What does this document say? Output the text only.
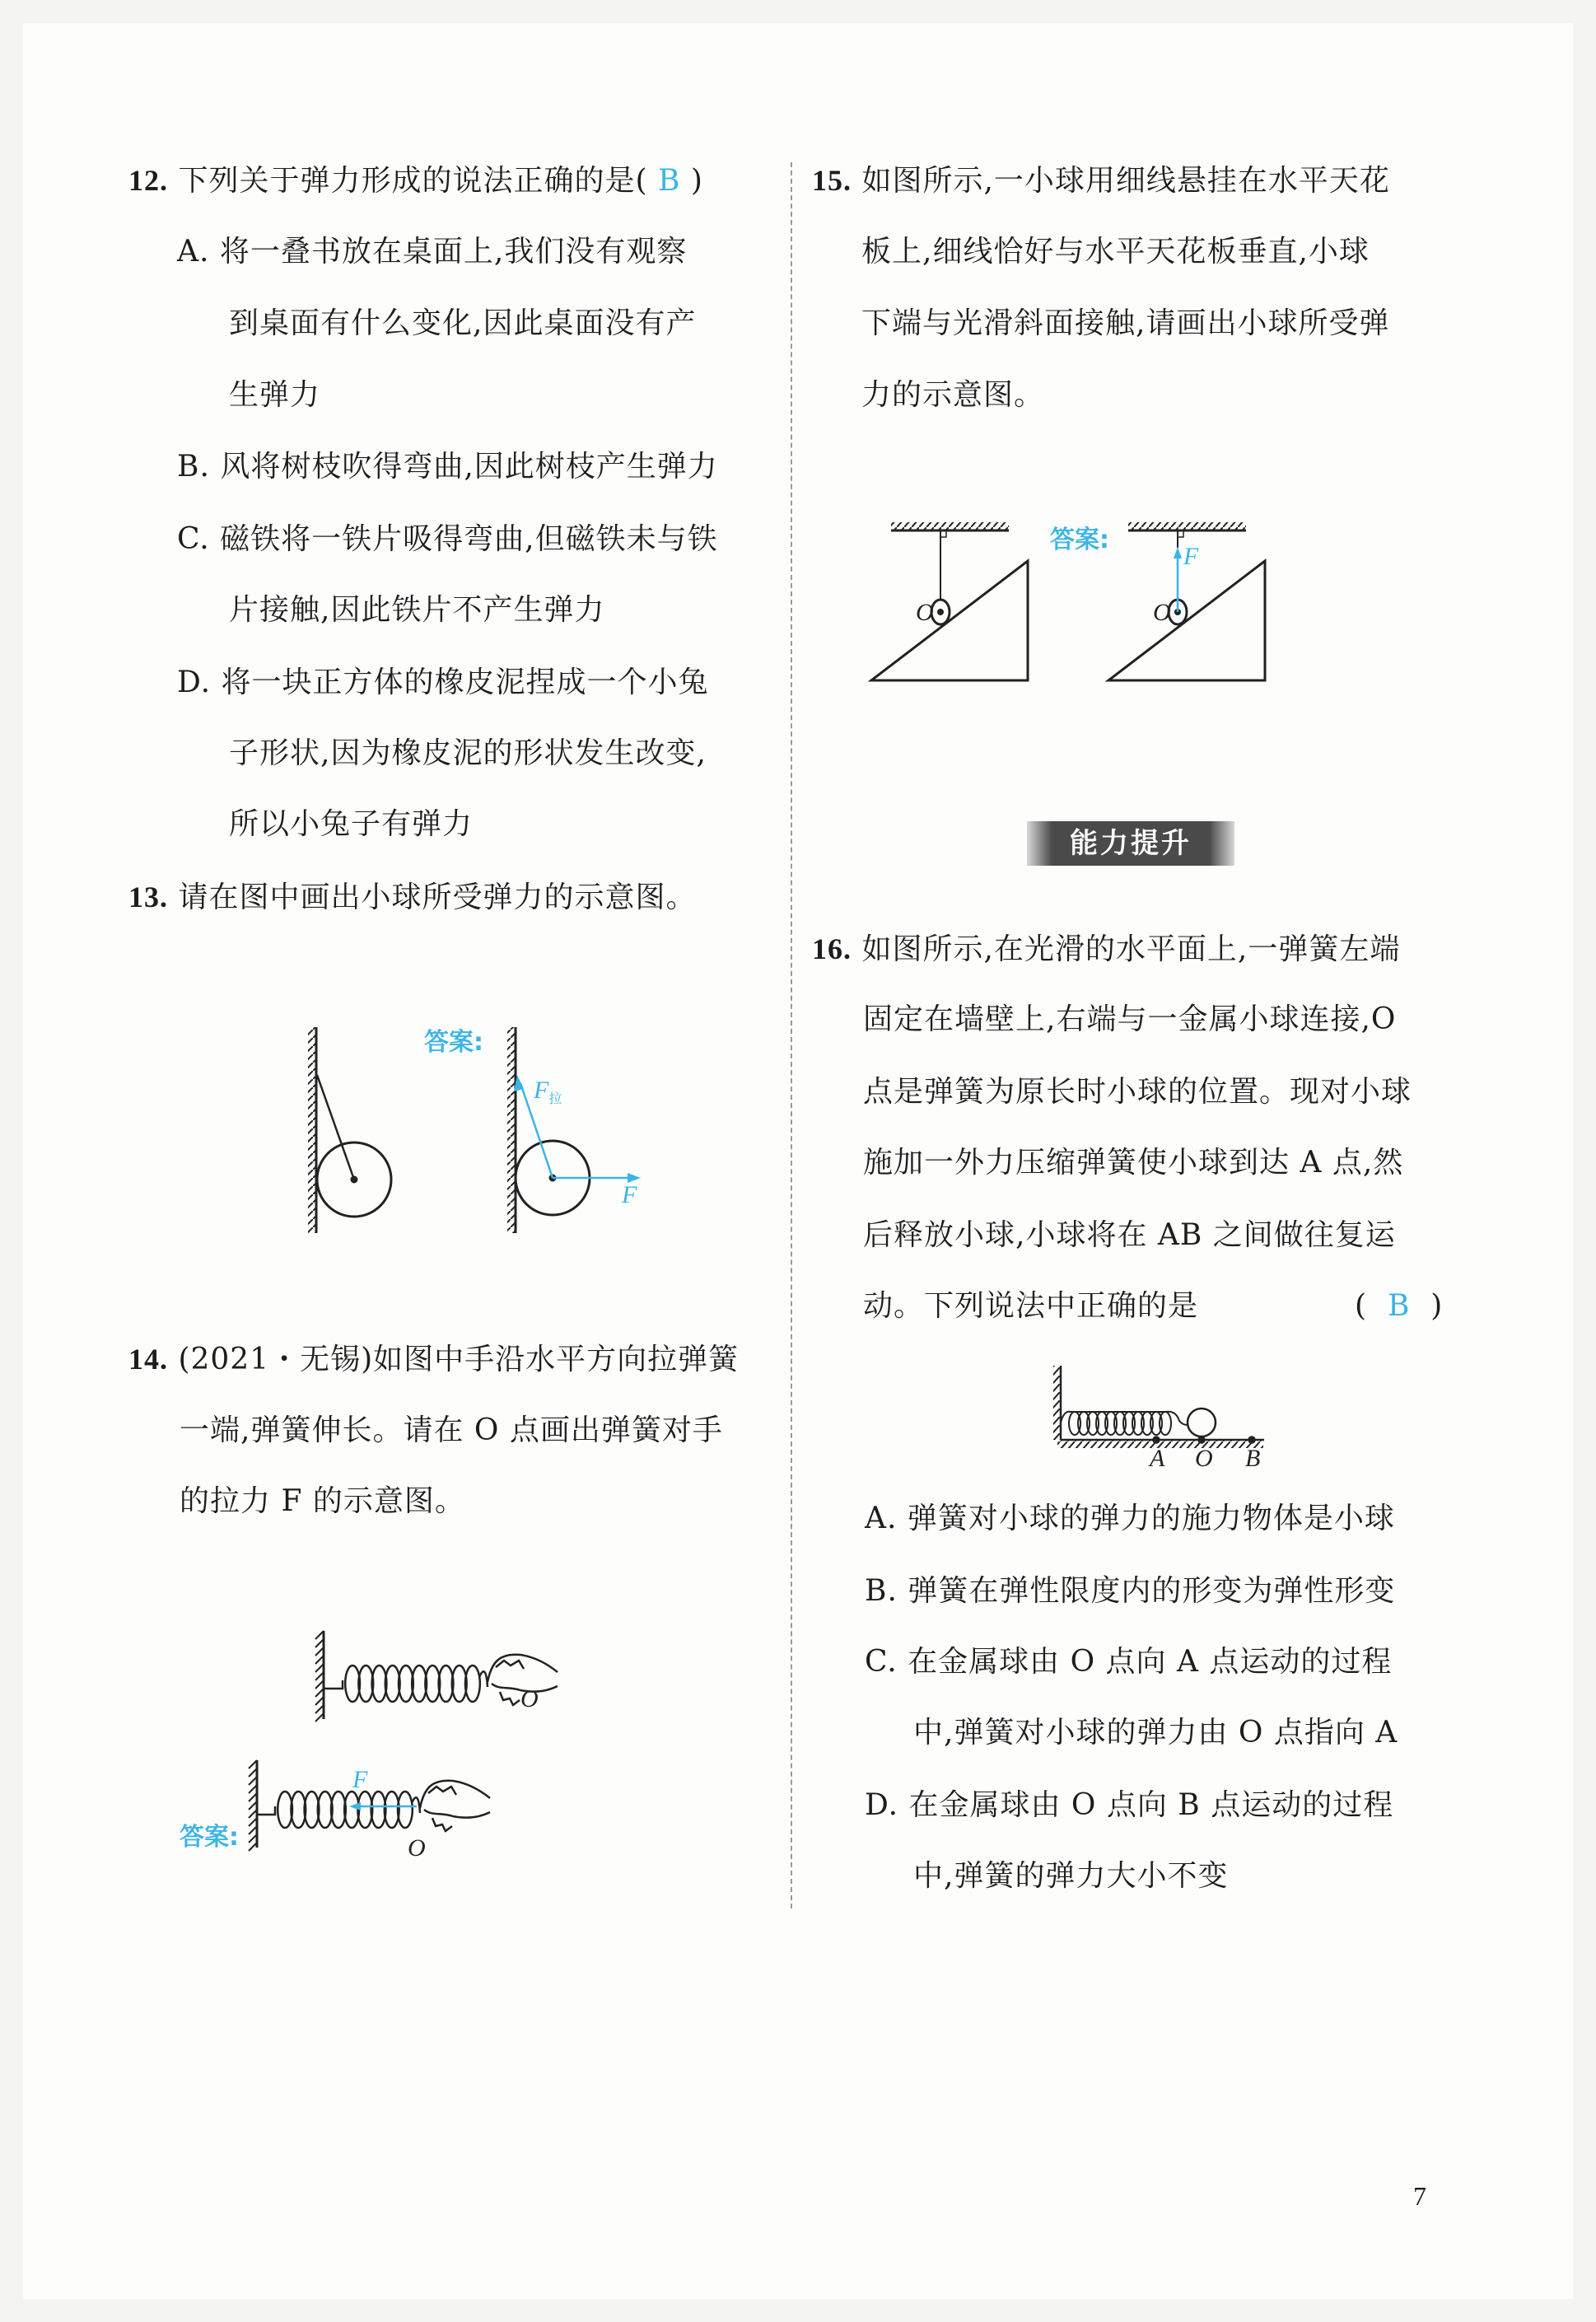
12. 下列关于弹力形成的说法正确的是( B )
A. 将一叠书放在桌面上,我们没有观察
到桌面有什么变化,因此桌面没有产
生弹力
B. 风将树枝吹得弯曲,因此树枝产生弹力
C. 磁铁将一铁片吸得弯曲,但磁铁未与铁
片接触,因此铁片不产生弹力
D. 将一块正方体的橡皮泥捏成一个小兔
子形状,因为橡皮泥的形状发生改变,
所以小兔子有弹力
13. 请在图中画出小球所受弹力的示意图。
答案:
$F_拉$
F
14. (2021・无锡)如图中手沿水平方向拉弹簧
一端,弹簧伸长。请在 O 点画出弹簧对手
的拉力 F 的示意图。
O
O
F
答案:
15. 如图所示,一小球用细线悬挂在水平天花
板上,细线恰好与水平天花板垂直,小球
下端与光滑斜面接触,请画出小球所受弹
力的示意图。
O	O
F
答案:
能力提升
16. 如图所示,在光滑的水平面上,一弹簧左端
固定在墙壁上,右端与一金属小球连接,O
点是弹簧为原长时小球的位置。现对小球
施加一外力压缩弹簧使小球到达 A 点,然
后释放小球,小球将在 AB 之间做往复运
动。下列说法中正确的是	( B )
A O B
A. 弹簧对小球的弹力的施力物体是小球
B. 弹簧在弹性限度内的形变为弹性形变
C. 在金属球由 O 点向 A 点运动的过程
中,弹簧对小球的弹力由 O 点指向 A
D. 在金属球由 O 点向 B 点运动的过程
中,弹簧的弹力大小不变
7
